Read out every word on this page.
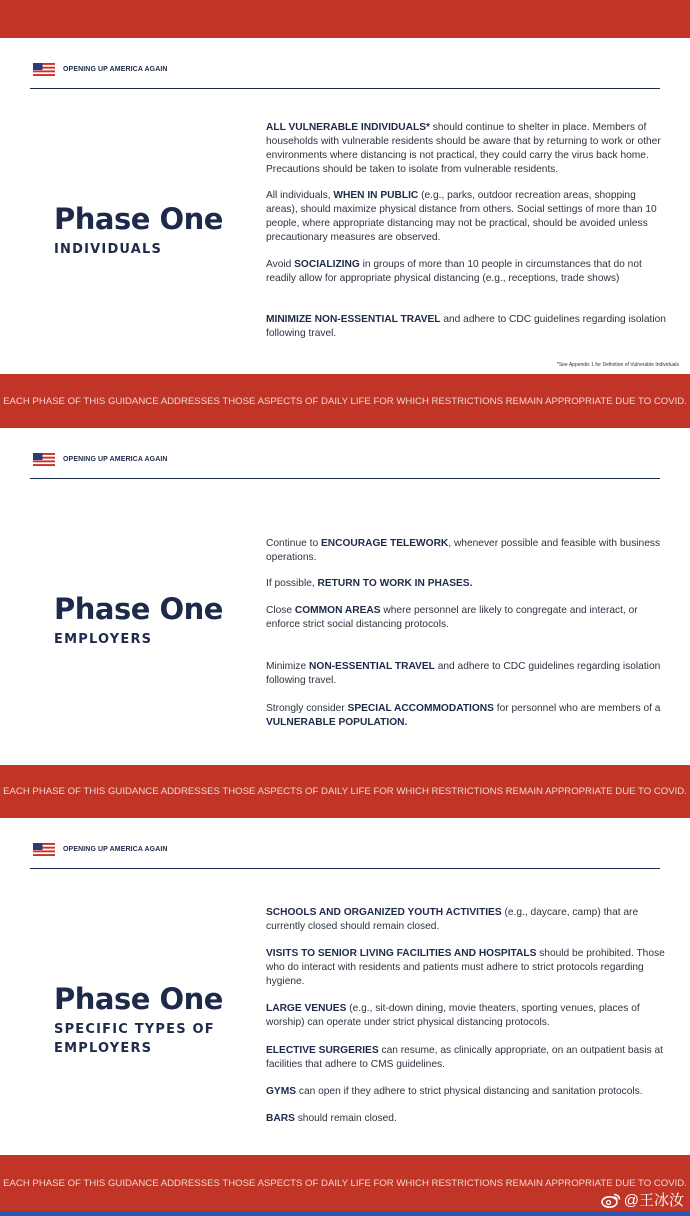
OPENING UP AMERICA AGAIN
Phase One
INDIVIDUALS
ALL VULNERABLE INDIVIDUALS* should continue to shelter in place. Members of households with vulnerable residents should be aware that by returning to work or other environments where distancing is not practical, they could carry the virus back home. Precautions should be taken to isolate from vulnerable residents.
All individuals, WHEN IN PUBLIC (e.g., parks, outdoor recreation areas, shopping areas), should maximize physical distance from others. Social settings of more than 10 people, where appropriate distancing may not be practical, should be avoided unless precautionary measures are observed.
Avoid SOCIALIZING in groups of more than 10 people in circumstances that do not readily allow for appropriate physical distancing (e.g., receptions, trade shows)
MINIMIZE NON-ESSENTIAL TRAVEL and adhere to CDC guidelines regarding isolation following travel.
*See Appendix 1 for Definition of Vulnerable Individuals
EACH PHASE OF THIS GUIDANCE ADDRESSES THOSE ASPECTS OF DAILY LIFE FOR WHICH RESTRICTIONS REMAIN APPROPRIATE DUE TO COVID.
OPENING UP AMERICA AGAIN
Phase One
EMPLOYERS
Continue to ENCOURAGE TELEWORK, whenever possible and feasible with business operations.
If possible, RETURN TO WORK IN PHASES.
Close COMMON AREAS where personnel are likely to congregate and interact, or enforce strict social distancing protocols.
Minimize NON-ESSENTIAL TRAVEL and adhere to CDC guidelines regarding isolation following travel.
Strongly consider SPECIAL ACCOMMODATIONS for personnel who are members of a VULNERABLE POPULATION.
EACH PHASE OF THIS GUIDANCE ADDRESSES THOSE ASPECTS OF DAILY LIFE FOR WHICH RESTRICTIONS REMAIN APPROPRIATE DUE TO COVID.
OPENING UP AMERICA AGAIN
Phase One
SPECIFIC TYPES OF
EMPLOYERS
SCHOOLS AND ORGANIZED YOUTH ACTIVITIES (e.g., daycare, camp) that are currently closed should remain closed.
VISITS TO SENIOR LIVING FACILITIES AND HOSPITALS should be prohibited. Those who do interact with residents and patients must adhere to strict protocols regarding hygiene.
LARGE VENUES (e.g., sit-down dining, movie theaters, sporting venues, places of worship) can operate under strict physical distancing protocols.
ELECTIVE SURGERIES can resume, as clinically appropriate, on an outpatient basis at facilities that adhere to CMS guidelines.
GYMS can open if they adhere to strict physical distancing and sanitation protocols.
BARS should remain closed.
EACH PHASE OF THIS GUIDANCE ADDRESSES THOSE ASPECTS OF DAILY LIFE FOR WHICH RESTRICTIONS REMAIN APPROPRIATE DUE TO COVID.
@王冰汝
